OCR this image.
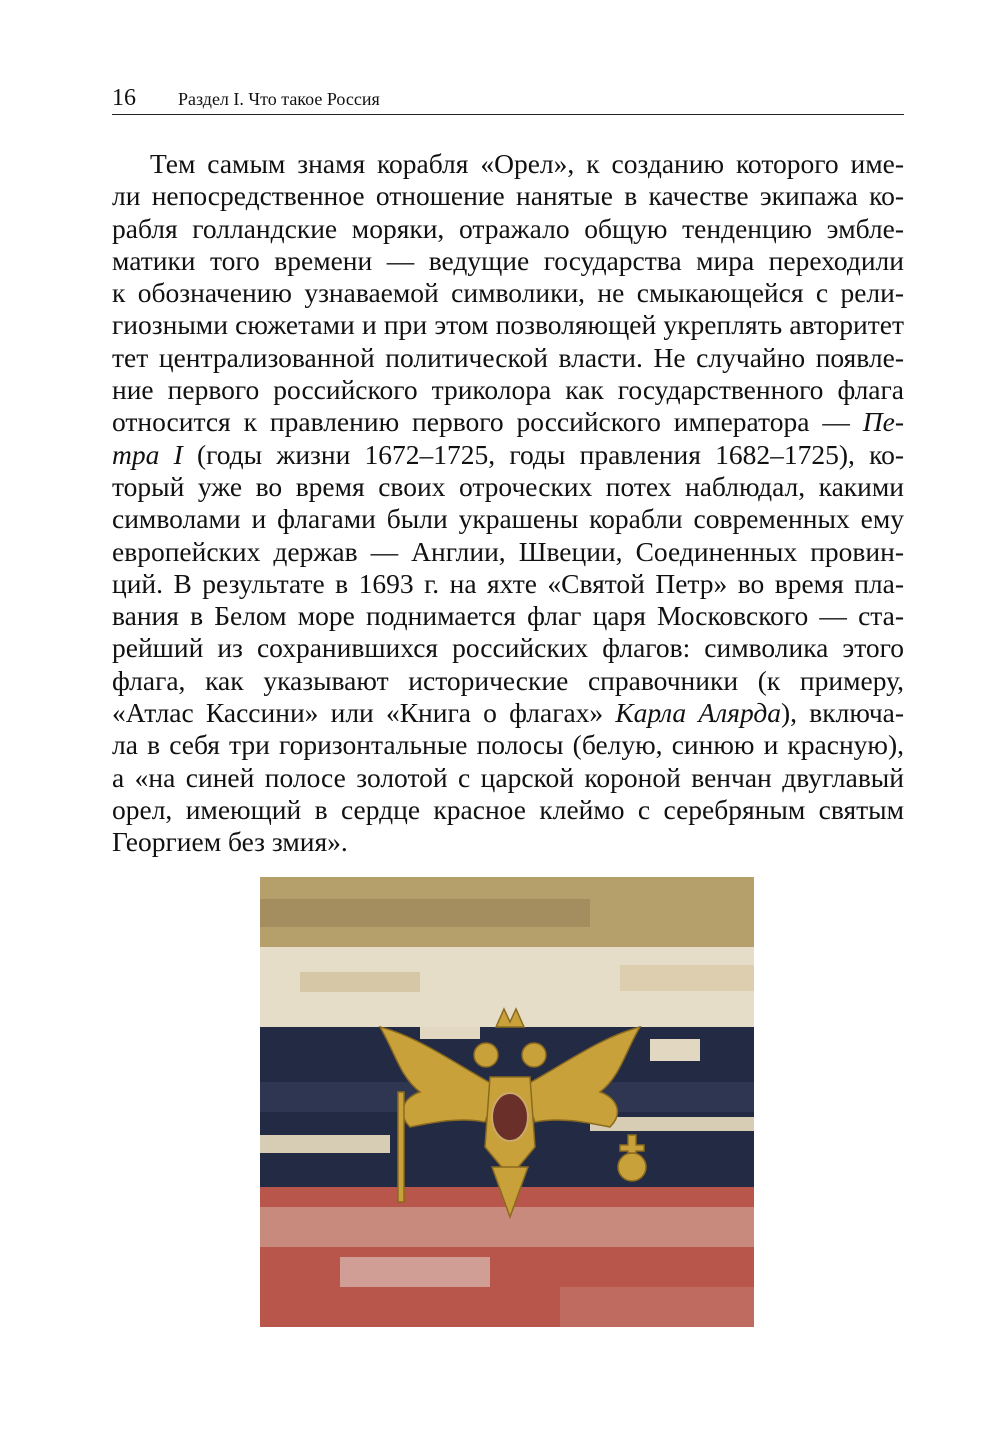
16 Раздел I. Что такое Россия

Тем самым знамя корабля «Орел», к созданию которого име-
ли непосредственное отношение нанятые в качестве экипажа ко-
рабля голландские моряки, отражало общую тенденцию эмбле-
матики того времени — ведущие государства мира переходили
к обозначению узнаваемой символики, не смыкающейся с рели-
гиозными сюжетами и при этом позволяющей укреплять авторитет
тет централизованной политической власти. Не случайно появле-
ние первого российского триколора как государственного флага
относится к правлению первого российского императора — Пе-
тра I (годы жизни 1672–1725, годы правления 1682–1725), ко-
торый уже во время своих отроческих потех наблюдал, какими
символами и флагами были украшены корабли современных ему
европейских держав — Англии, Швеции, Соединенных провин-
ций. В результате в 1693 г. на яхте «Святой Петр» во время пла-
вания в Белом море поднимается флаг царя Московского — ста-
рейший из сохранившихся российских флагов: символика этого
флага, как указывают исторические справочники (к примеру,
«Атлас Кассини» или «Книга о флагах» Карла Алярда), включа-
ла в себя три горизонтальные полосы (белую, синюю и красную),
а «на синей полосе золотой с царской короной венчан двуглавый
орел, имеющий в сердце красное клеймо с серебряным святым
Георгием без змия».
